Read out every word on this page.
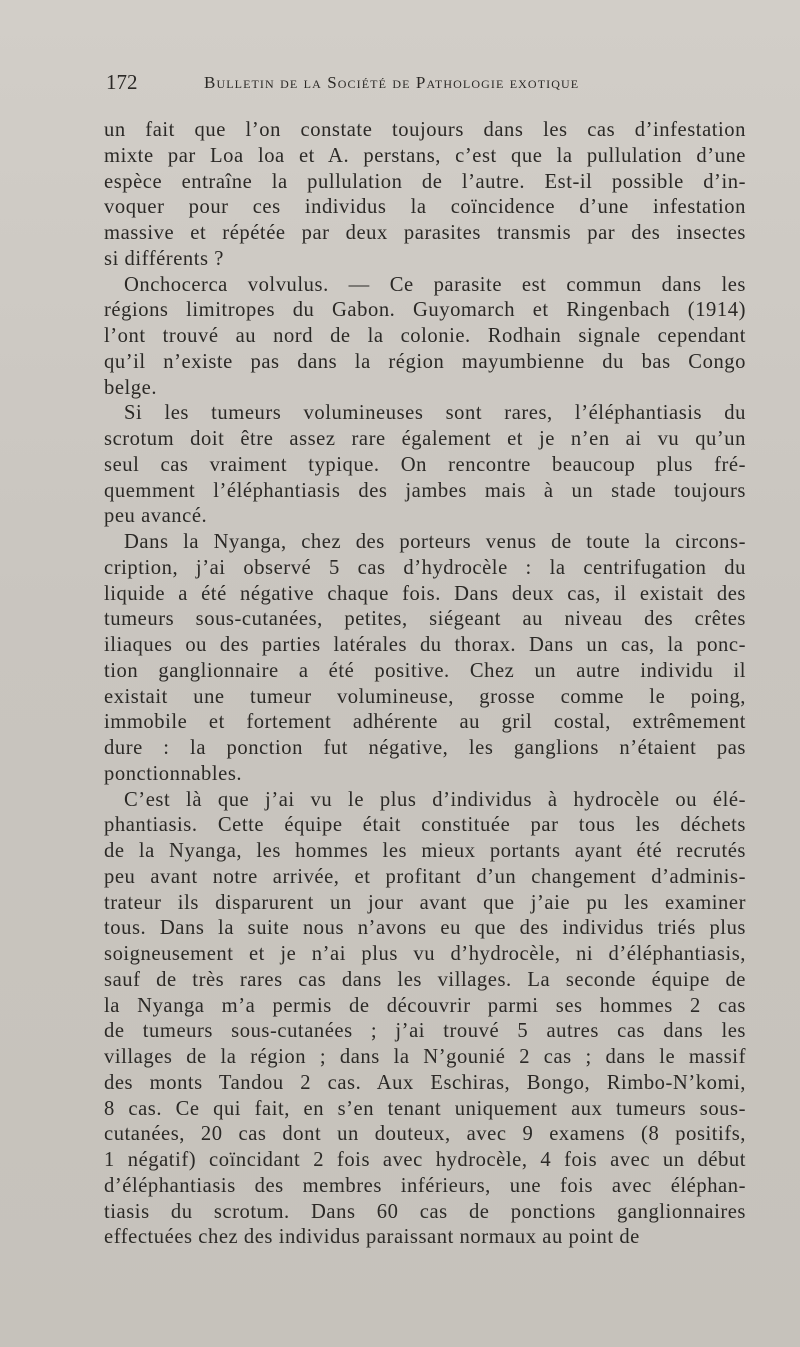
172	Bulletin de la Société de Pathologie exotique
un fait que l’on constate toujours dans les cas d’infestation
mixte par Loa loa et A. perstans, c’est que la pullulation d’une
espèce entraîne la pullulation de l’autre. Est-il possible d’in-
voquer pour ces individus la coïncidence d’une infestation
massive et répétée par deux parasites transmis par des insectes
si différents ?
Onchocerca volvulus. — Ce parasite est commun dans les
régions limitropes du Gabon. Guyomarch et Ringenbach (1914)
l’ont trouvé au nord de la colonie. Rodhain signale cependant
qu’il n’existe pas dans la région mayumbienne du bas Congo
belge.
Si les tumeurs volumineuses sont rares, l’éléphantiasis du
scrotum doit être assez rare également et je n’en ai vu qu’un
seul cas vraiment typique. On rencontre beaucoup plus fré-
quemment l’éléphantiasis des jambes mais à un stade toujours
peu avancé.
Dans la Nyanga, chez des porteurs venus de toute la circons-
cription, j’ai observé 5 cas d’hydrocèle : la centrifugation du
liquide a été négative chaque fois. Dans deux cas, il existait des
tumeurs sous-cutanées, petites, siégeant au niveau des crêtes
iliaques ou des parties latérales du thorax. Dans un cas, la ponc-
tion ganglionnaire a été positive. Chez un autre individu il
existait une tumeur volumineuse, grosse comme le poing,
immobile et fortement adhérente au gril costal, extrêmement
dure : la ponction fut négative, les ganglions n’étaient pas
ponctionnables.
C’est là que j’ai vu le plus d’individus à hydrocèle ou élé-
phantiasis. Cette équipe était constituée par tous les déchets
de la Nyanga, les hommes les mieux portants ayant été recrutés
peu avant notre arrivée, et profitant d’un changement d’adminis-
trateur ils disparurent un jour avant que j’aie pu les examiner
tous. Dans la suite nous n’avons eu que des individus triés plus
soigneusement et je n’ai plus vu d’hydrocèle, ni d’éléphantiasis,
sauf de très rares cas dans les villages. La seconde équipe de
la Nyanga m’a permis de découvrir parmi ses hommes 2 cas
de tumeurs sous-cutanées ; j’ai trouvé 5 autres cas dans les
villages de la région ; dans la N’gounié 2 cas ; dans le massif
des monts Tandou 2 cas. Aux Eschiras, Bongo, Rimbo-N’komi,
8 cas. Ce qui fait, en s’en tenant uniquement aux tumeurs sous-
cutanées, 20 cas dont un douteux, avec 9 examens (8 positifs,
1 négatif) coïncidant 2 fois avec hydrocèle, 4 fois avec un début
d’éléphantiasis des membres inférieurs, une fois avec éléphan-
tiasis du scrotum. Dans 60 cas de ponctions ganglionnaires
effectuées chez des individus paraissant normaux au point de
